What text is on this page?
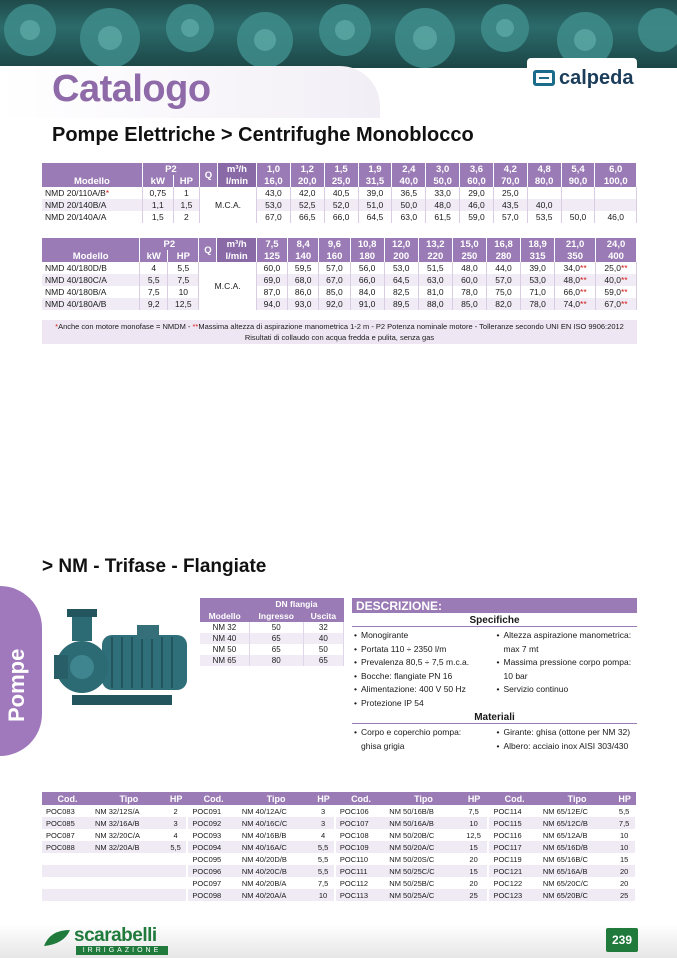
Catalogo	calpeda
Pompe Elettriche > Centrifughe Monoblocco
	P2		Q	m³/h	1,0	1,2	1,5	1,9	2,4	3,0	3,6	4,2	4,8	5,4	6,0
Modello	kW	HP		l/min	16,0	20,0	25,0	31,5	40,0	50,0	60,0	70,0	80,0	90,0	100,0
NMD 20/110A/B*	0,75	1	M.C.A.		43,0	42,0	40,5	39,0	36,5	33,0	29,0	25,0			
NMD 20/140B/A	1,1	1,5			53,0	52,5	52,0	51,0	50,0	48,0	46,0	43,5	40,0		
NMD 20/140A/A	1,5	2			67,0	66,5	66,0	64,5	63,0	61,5	59,0	57,0	53,5	50,0	46,0
	P2		Q	m³/h	7,5	8,4	9,6	10,8	12,0	13,2	15,0	16,8	18,9	21,0	24,0
Modello	kW	HP		l/min	125	140	160	180	200	220	250	280	315	350	400
NMD 40/180D/B	4	5,5	M.C.A.		60,0	59,5	57,0	56,0	53,0	51,5	48,0	44,0	39,0	34,0**	25,0**
NMD 40/180C/A	5,5	7,5			69,0	68,0	67,0	66,0	64,5	63,0	60,0	57,0	53,0	48,0**	40,0**
NMD 40/180B/A	7,5	10			87,0	86,0	85,0	84,0	82,5	81,0	78,0	75,0	71,0	66,0**	59,0**
NMD 40/180A/B	9,2	12,5			94,0	93,0	92,0	91,0	89,5	88,0	85,0	82,0	78,0	74,0**	67,0**
*Anche con motore monofase = NMDM - **Massima altezza di aspirazione manometrica 1-2 m - P2 Potenza nominale motore - Tolleranze secondo UNI EN ISO 9906:2012
Risultati di collaudo con acqua fredda e pulita, senza gas
> NM - Trifase - Flangiate
Pompe
	DN flangia	
Modello	Ingresso	Uscita
NM 32	50	32
NM 40	65	40
NM 50	65	50
NM 65	80	65
DESCRIZIONE:
Specifiche
• Monogirante
• Portata 110 ÷ 2350 l/m
• Prevalenza 80,5 ÷ 7,5 m.c.a.
• Bocche: flangiate PN 16
• Alimentazione: 400 V 50 Hz
• Protezione IP 54
• Altezza aspirazione manometrica:
max 7 mt
• Massima pressione corpo pompa:
10 bar
• Servizio continuo
Materiali
• Corpo e coperchio pompa:
ghisa grigia
• Girante: ghisa (ottone per NM 32)
• Albero: acciaio inox AISI 303/430
Cod.	Tipo	HP	Cod.	Tipo	HP	Cod.	Tipo	HP	Cod.	Tipo	HP
POC083	NM 32/12S/A	2	POC091	NM 40/12A/C	3	POC106	NM 50/16B/B	7,5	POC114	NM 65/12E/C	5,5
POC085	NM 32/16A/B	3	POC092	NM 40/16C/C	3	POC107	NM 50/16A/B	10	POC115	NM 65/12C/B	7,5
POC087	NM 32/20C/A	4	POC093	NM 40/16B/B	4	POC108	NM 50/20B/C	12,5	POC116	NM 65/12A/B	10
POC088	NM 32/20A/B	5,5	POC094	NM 40/16A/C	5,5	POC109	NM 50/20A/C	15	POC117	NM 65/16D/B	10
			POC095	NM 40/20D/B	5,5	POC110	NM 50/20S/C	20	POC119	NM 65/16B/C	15
			POC096	NM 40/20C/B	5,5	POC111	NM 50/25C/C	15	POC121	NM 65/16A/B	20
			POC097	NM 40/20B/A	7,5	POC112	NM 50/25B/C	20	POC122	NM 65/20C/C	20
			POC098	NM 40/20A/A	10	POC113	NM 50/25A/C	25	POC123	NM 65/20B/C	25
scarabelli
IRRIGAZIONE
239
